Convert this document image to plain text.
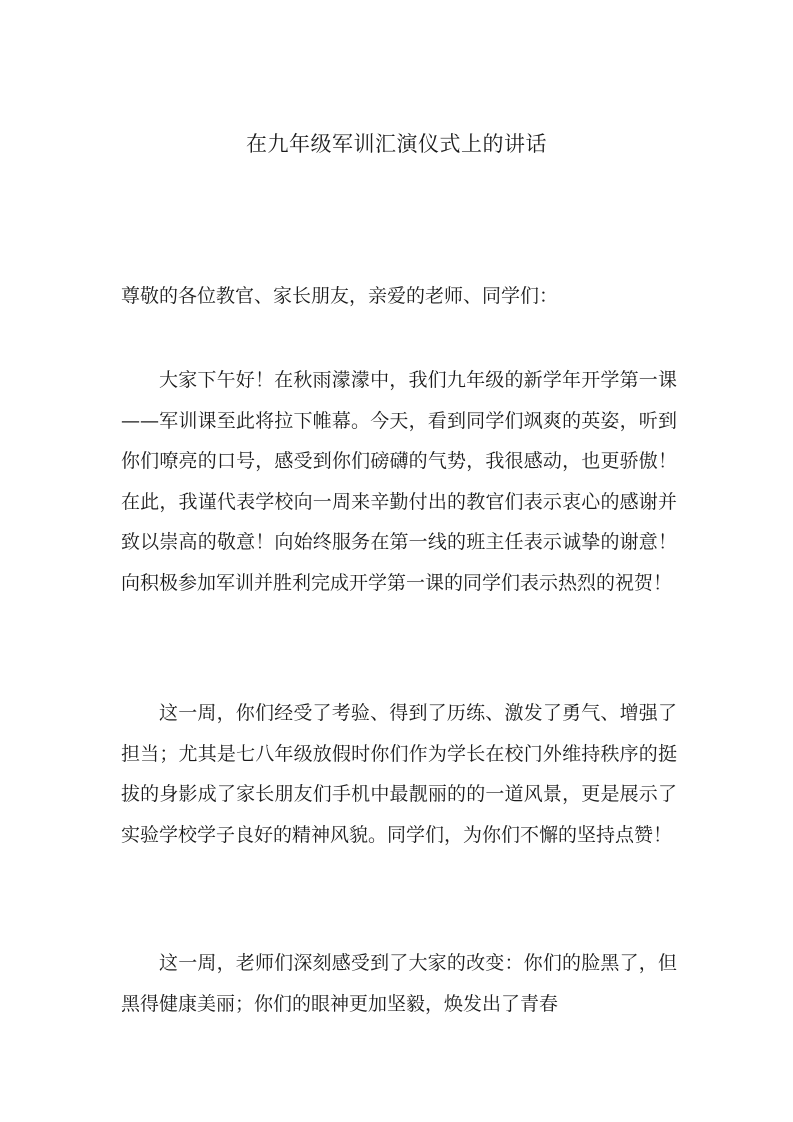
在九年级军训汇演仪式上的讲话
尊敬的各位教官、家长朋友，亲爱的老师、同学们：
大家下午好！在秋雨濛濛中，我们九年级的新学年开学第一课——军训课至此将拉下帷幕。今天，看到同学们飒爽的英姿，听到你们嘹亮的口号，感受到你们磅礴的气势，我很感动，也更骄傲！在此，我谨代表学校向一周来辛勤付出的教官们表示衷心的感谢并致以崇高的敬意！向始终服务在第一线的班主任表示诚挚的谢意！向积极参加军训并胜利完成开学第一课的同学们表示热烈的祝贺！
这一周，你们经受了考验、得到了历练、激发了勇气、增强了担当；尤其是七八年级放假时你们作为学长在校门外维持秩序的挺拔的身影成了家长朋友们手机中最靓丽的的一道风景，更是展示了实验学校学子良好的精神风貌。同学们，为你们不懈的坚持点赞！
这一周，老师们深刻感受到了大家的改变：你们的脸黑了，但黑得健康美丽；你们的眼神更加坚毅，焕发出了青春
